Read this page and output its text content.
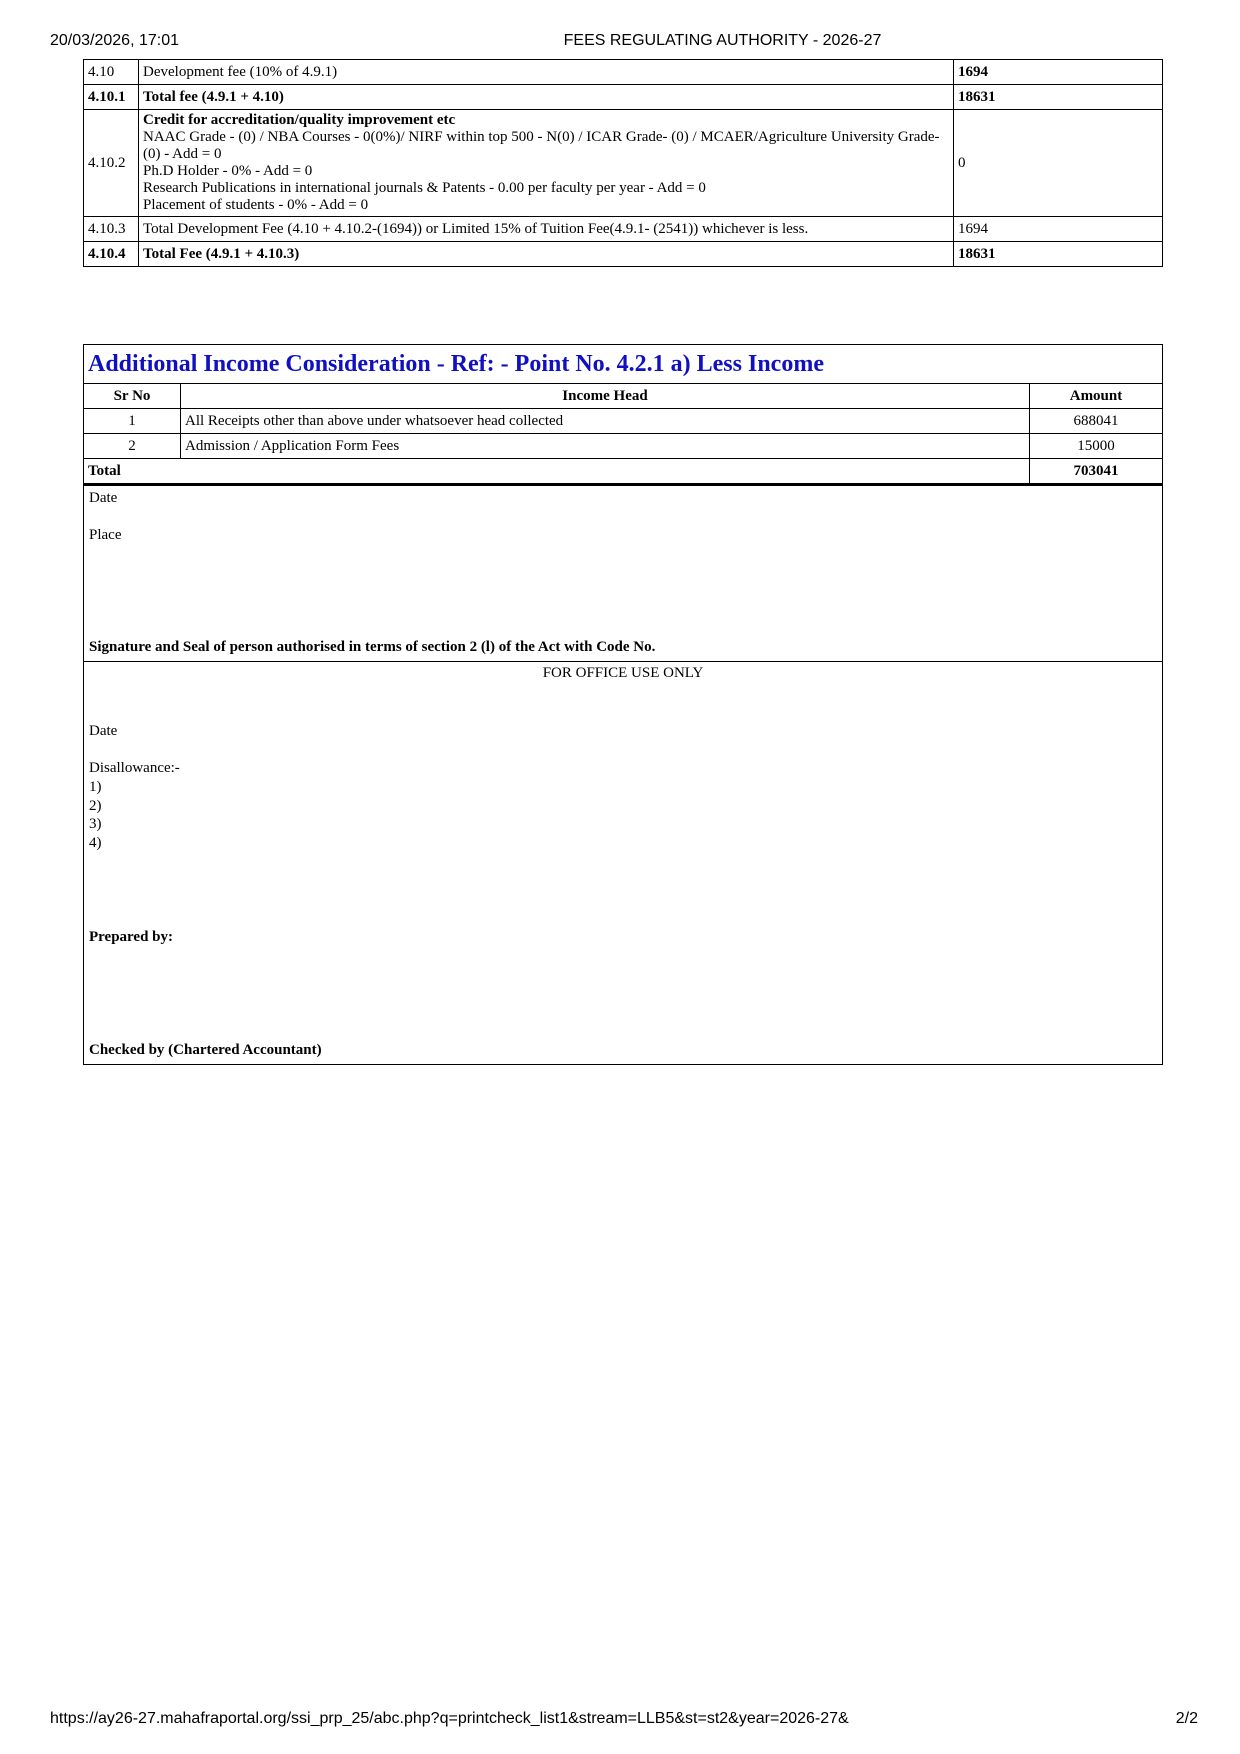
20/03/2026, 17:01	FEES REGULATING AUTHORITY - 2026-27
4.10	Development fee (10% of 4.9.1)	1694
4.10.1	Total fee (4.9.1 + 4.10)	18631
4.10.2	Credit for accreditation/quality improvement etc
NAAC Grade - (0) / NBA Courses - 0(0%)/ NIRF within top 500 - N(0) / ICAR Grade- (0) / MCAER/Agriculture University Grade- (0) - Add = 0
Ph.D Holder - 0% - Add = 0
Research Publications in international journals & Patents - 0.00 per faculty per year - Add = 0
Placement of students - 0% - Add = 0	0
4.10.3	Total Development Fee (4.10 + 4.10.2-(1694)) or Limited 15% of Tuition Fee(4.9.1- (2541)) whichever is less.	1694
4.10.4	Total Fee (4.9.1 + 4.10.3)	18631
Additional Income Consideration - Ref: - Point No. 4.2.1 a) Less Income		
Sr No	Income Head	Amount
1	All Receipts other than above under whatsoever head collected	688041
2	Admission / Application Form Fees	15000
Total		703041
Date
Place
Signature and Seal of person authorised in terms of section 2 (l) of the Act with Code No.
FOR OFFICE USE ONLY
Date
Disallowance:-
1)
2)
3)
4)
Prepared by:
Checked by (Chartered Accountant)
https://ay26-27.mahafraportal.org/ssi_prp_25/abc.php?q=printcheck_list1&stream=LLB5&st=st2&year=2026-27&	2/2
